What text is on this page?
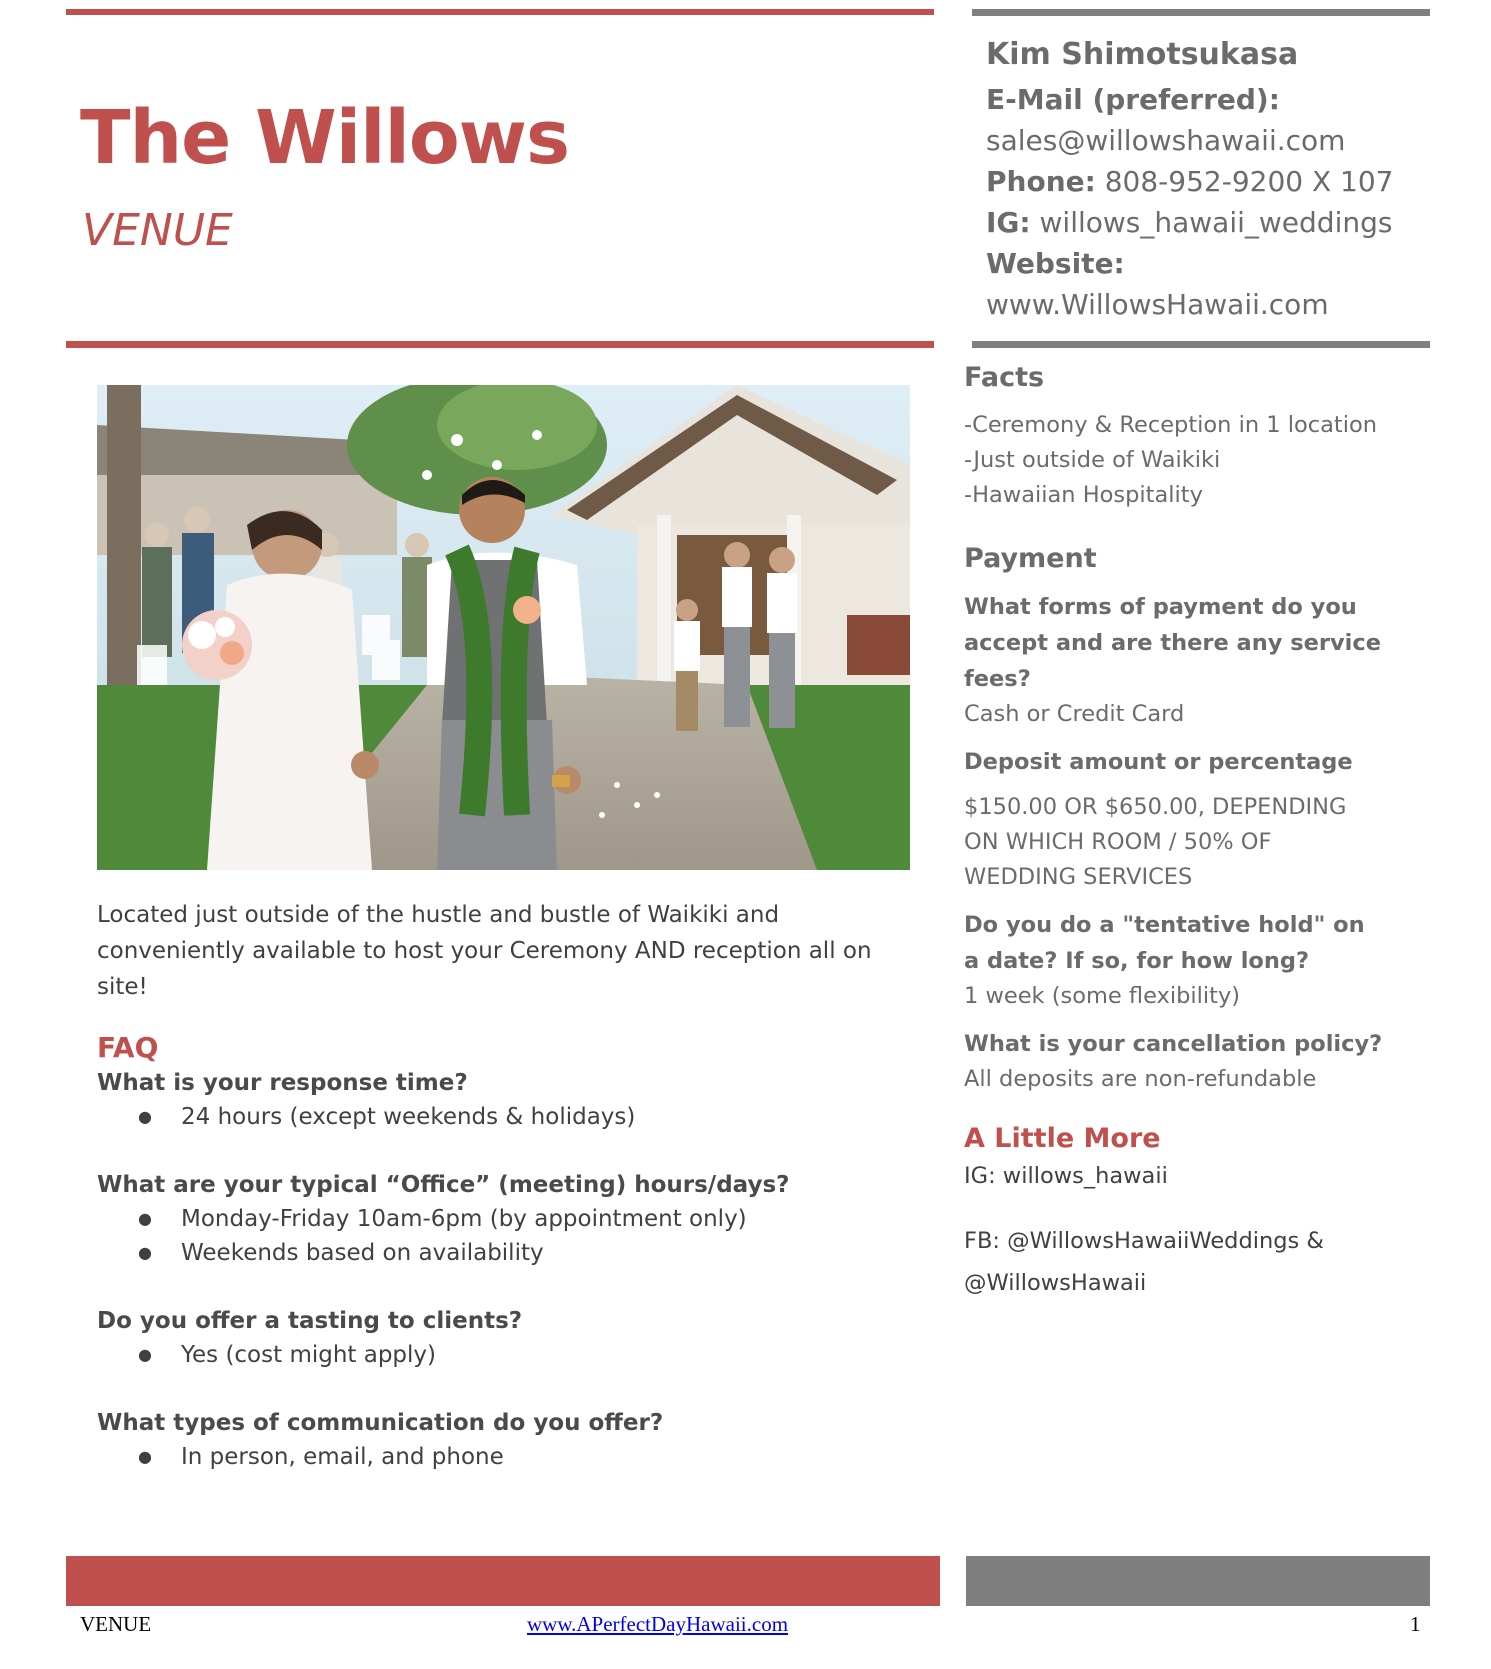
The Willows
VENUE
Kim Shimotsukasa
E-Mail (preferred):
sales@willowshawaii.com
Phone: 808-952-9200 X 107
IG: willows_hawaii_weddings
Website:
www.WillowsHawaii.com
Located just outside of the hustle and bustle of Waikiki and conveniently available to host your Ceremony AND reception all on site!
FAQ
What is your response time?
● 24 hours (except weekends & holidays)
What are your typical “Office” (meeting) hours/days?
● Monday-Friday 10am-6pm (by appointment only)
● Weekends based on availability
Do you offer a tasting to clients?
● Yes (cost might apply)
What types of communication do you offer?
● In person, email, and phone
Facts
-Ceremony & Reception in 1 location
-Just outside of Waikiki
-Hawaiian Hospitality
Payment
What forms of payment do you accept and are there any service fees?
Cash or Credit Card
Deposit amount or percentage
$150.00 OR $650.00, DEPENDING ON WHICH ROOM / 50% OF WEDDING SERVICES
Do you do a "tentative hold" on a date? If so, for how long?
1 week (some flexibility)
What is your cancellation policy?
All deposits are non-refundable
A Little More
IG: willows_hawaii
FB: @WillowsHawaiiWeddings & @WillowsHawaii
VENUE	www.APerfectDayHawaii.com	1
